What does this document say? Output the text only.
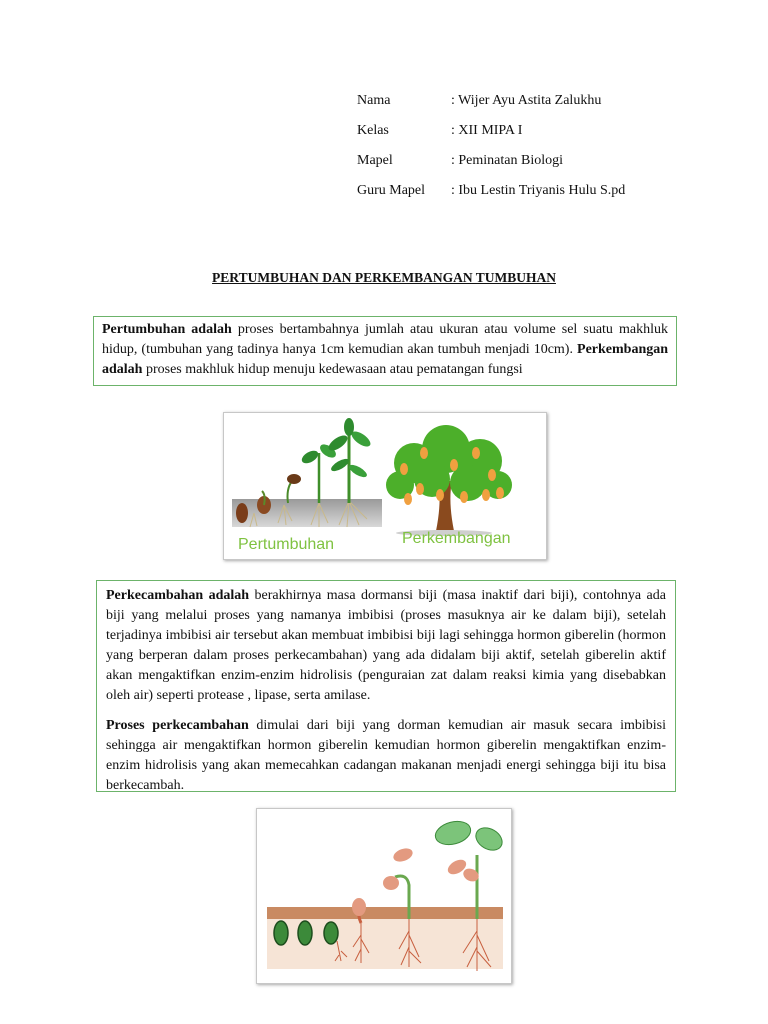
Nama	: Wijer Ayu Astita Zalukhu
Kelas	: XII MIPA I
Mapel	: Peminatan Biologi
Guru Mapel	: Ibu Lestin Triyanis Hulu S.pd
PERTUMBUHAN DAN PERKEMBANGAN TUMBUHAN

Pertumbuhan adalah proses bertambahnya jumlah atau ukuran atau volume sel suatu makhluk hidup, (tumbuhan yang tadinya hanya 1cm kemudian akan tumbuh menjadi 10cm). Perkembangan adalah proses makhluk hidup menuju kedewasaan atau pematangan fungsi

Pertumbuhan	Perkembangan

Perkecambahan adalah berakhirnya masa dormansi biji (masa inaktif dari biji), contohnya ada biji yang melalui proses yang namanya imbibisi (proses masuknya air ke dalam biji), setelah terjadinya imbibisi air tersebut akan membuat imbibisi biji lagi sehingga hormon giberelin (hormon yang berperan dalam proses perkecambahan) yang ada didalam biji aktif, setelah giberelin aktif akan mengaktifkan enzim-enzim hidrolisis (penguraian zat dalam reaksi kimia yang disebabkan oleh air) seperti protease , lipase, serta amilase.

Proses perkecambahan dimulai dari biji yang dorman kemudian air masuk secara imbibisi sehingga air mengaktifkan hormon giberelin kemudian hormon giberelin mengaktifkan enzim-enzim hidrolisis yang akan memecahkan cadangan makanan menjadi energi sehingga biji itu bisa berkecambah.
